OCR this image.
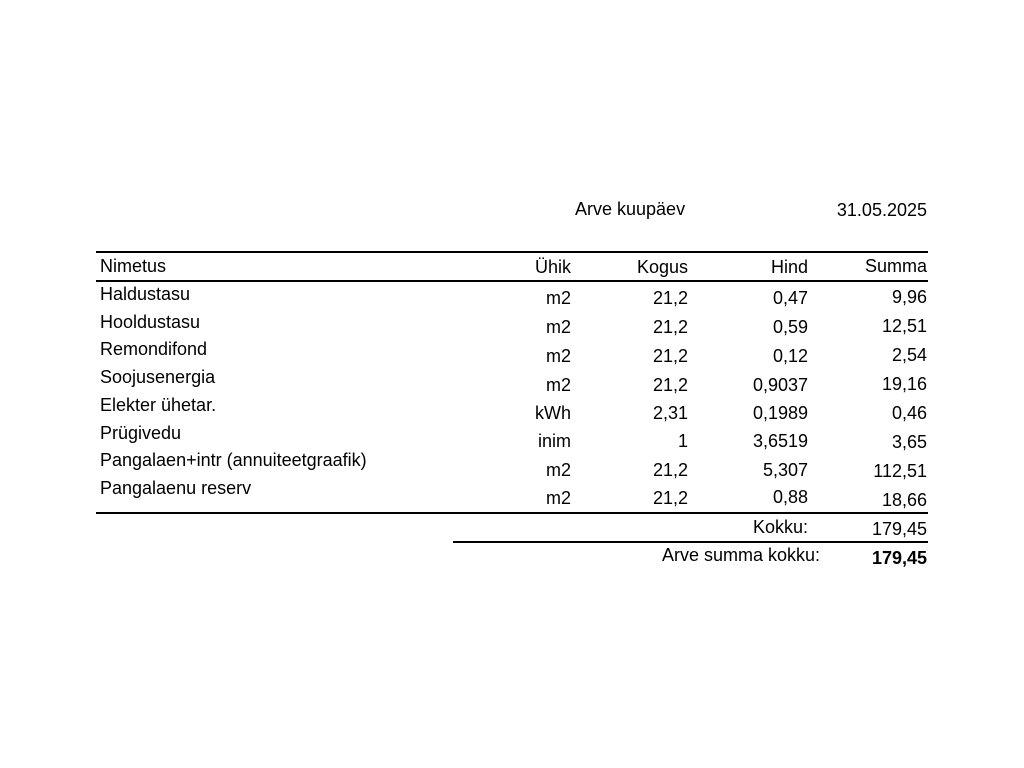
Arve kuupäev	31.05.2025
Nimetus	Ühik	Kogus	Hind	Summa
Haldustasu	m2	21,2	0,47	9,96
Hooldustasu	m2	21,2	0,59	12,51
Remondifond	m2	21,2	0,12	2,54
Soojusenergia	m2	21,2	0,9037	19,16
Elekter ühetar.	kWh	2,31	0,1989	0,46
Prügivedu	inim	1	3,6519	3,65
Pangalaen+intr (annuiteetgraafik)	m2	21,2	5,307	112,51
Pangalaenu reserv	m2	21,2	0,88	18,66
Kokku:	179,45
Arve summa kokku:	179,45
